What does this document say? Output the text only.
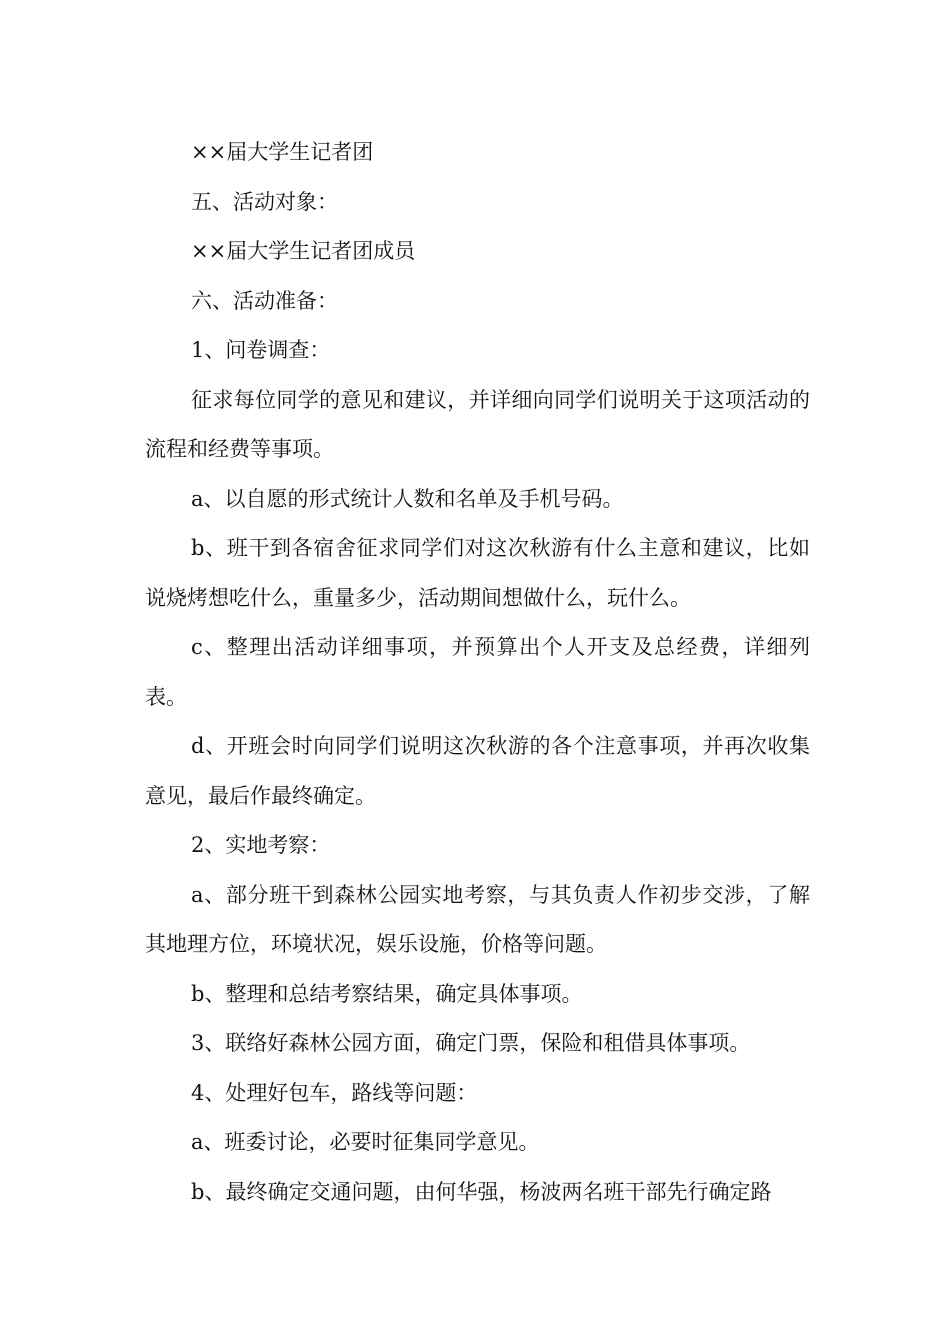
××届大学生记者团

五、活动对象：

××届大学生记者团成员

六、活动准备：

1、问卷调查：

征求每位同学的意见和建议，并详细向同学们说明关于这项活动的流程和经费等事项。

a、以自愿的形式统计人数和名单及手机号码。

b、班干到各宿舍征求同学们对这次秋游有什么主意和建议，比如说烧烤想吃什么，重量多少，活动期间想做什么，玩什么。

c、整理出活动详细事项，并预算出个人开支及总经费，详细列表。

d、开班会时向同学们说明这次秋游的各个注意事项，并再次收集意见，最后作最终确定。

2、实地考察：

a、部分班干到森林公园实地考察，与其负责人作初步交涉，了解其地理方位，环境状况，娱乐设施，价格等问题。

b、整理和总结考察结果，确定具体事项。

3、联络好森林公园方面，确定门票，保险和租借具体事项。

4、处理好包车，路线等问题：

a、班委讨论，必要时征集同学意见。

b、最终确定交通问题，由何华强，杨波两名班干部先行确定路
